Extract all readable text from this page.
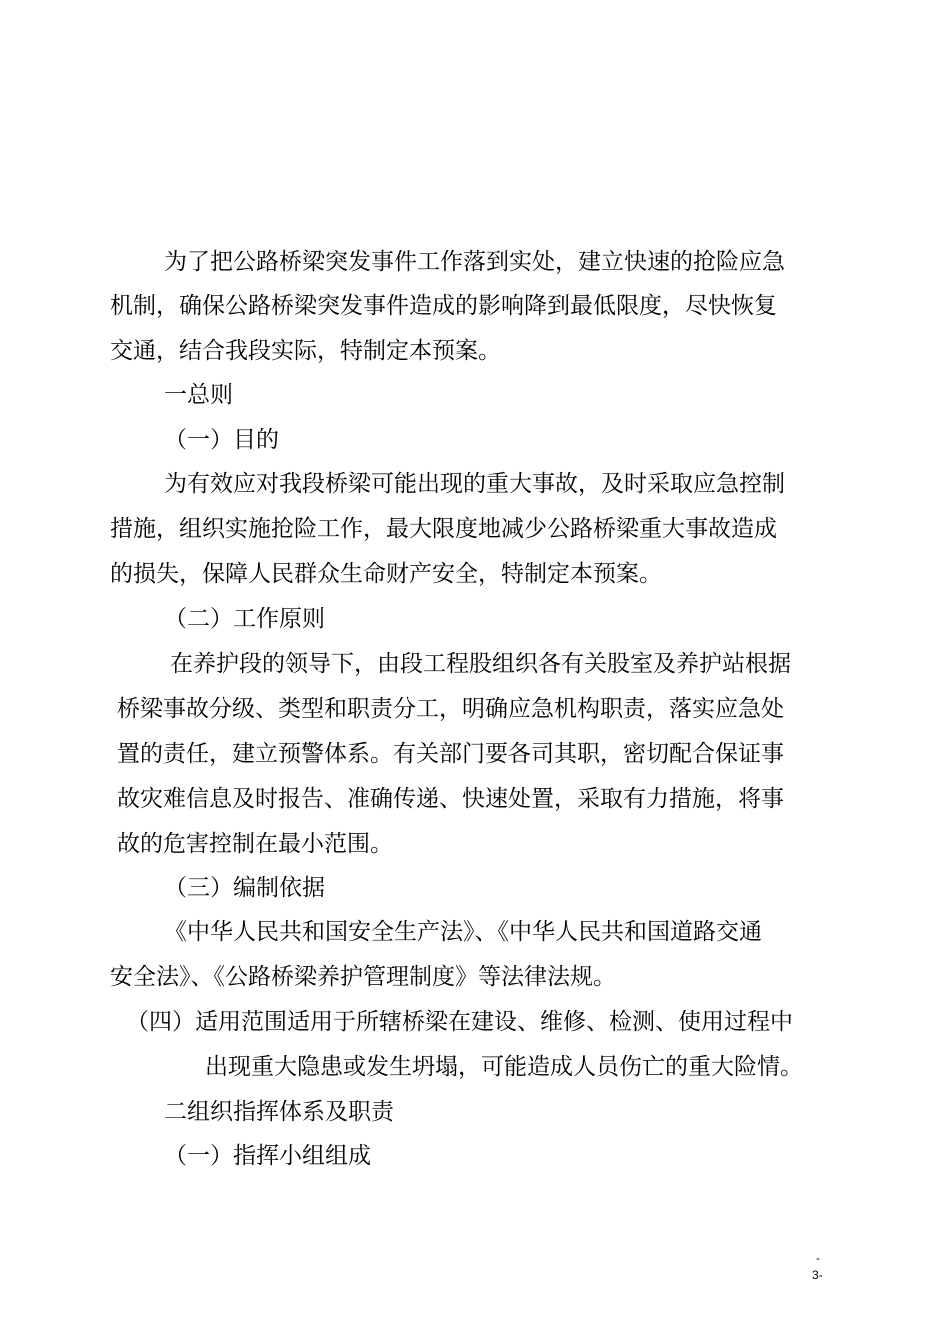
为了把公路桥梁突发事件工作落到实处，建立快速的抢险应急

机制，确保公路桥梁突发事件造成的影响降到最低限度，尽快恢复

交通，结合我段实际，特制定本预案。

一总则

（一）目的

为有效应对我段桥梁可能出现的重大事故，及时采取应急控制

措施，组织实施抢险工作，最大限度地减少公路桥梁重大事故造成

的损失，保障人民群众生命财产安全，特制定本预案。

（二）工作原则

在养护段的领导下，由段工程股组织各有关股室及养护站根据

桥梁事故分级、类型和职责分工，明确应急机构职责，落实应急处

置的责任，建立预警体系。有关部门要各司其职，密切配合保证事

故灾难信息及时报告、准确传递、快速处置，采取有力措施，将事

故的危害控制在最小范围。

（三）编制依据

《中华人民共和国安全生产法》、《中华人民共和国道路交通

安全法》、《公路桥梁养护管理制度》等法律法规。

（四）适用范围适用于所辖桥梁在建设、维修、检测、使用过程中

出现重大隐患或发生坍塌，可能造成人员伤亡的重大险情。

二组织指挥体系及职责

（一）指挥小组组成

-
3-
